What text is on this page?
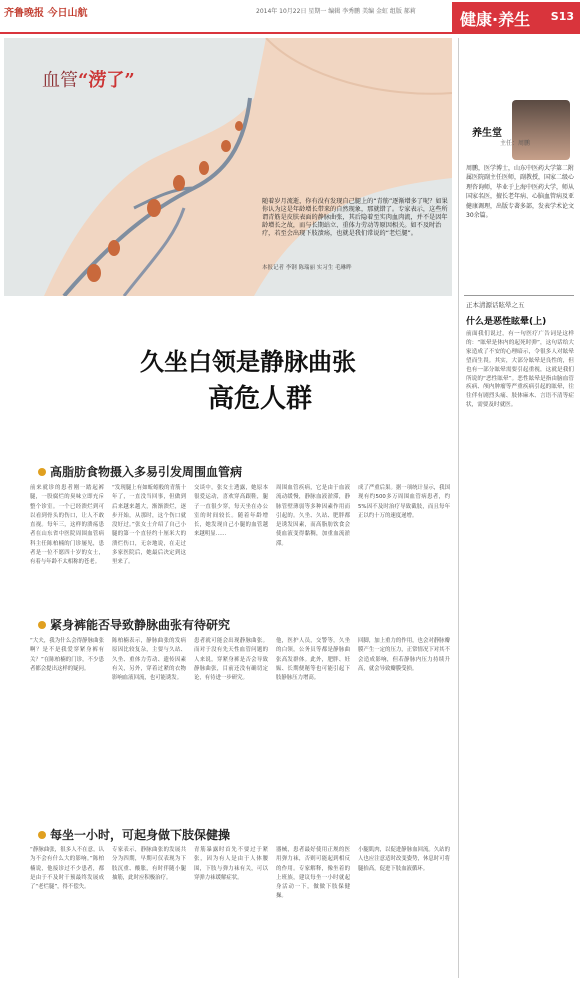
齐鲁晚报 今日山航	2014年 10月22日 星期一 编辑 李秀鹏 美编 金虹 组版 郝莉	健康·养生 S13
血管“涝了”
随着岁月流逝，你有没有发现自己腿上的“青筋”逐渐增多了呢？如果你认为这是年龄增长带来的自然现象，那就错了。专家表示，这些所谓青筋是皮肤表面的静脉曲张，其后隐着至实肉血肉流，并不是因年龄增长之故，而与长期站立、重体力劳动等原因相关。如不及时治疗，若至会出现下肢溃疡，也就是我们常说的“老烂腿”。
本报记者 李钢 陈瑞丽 实习生 毛琳晔
久坐白领是静脉曲张
高危人群
高脂肪食物摄入多易引发周围血管病
前来就诊的患者刚一踏起裤腿，一股腐烂的臭味立即充斥整个诊室。一个已经溃烂到可以看到骨头的伤口，让人不敢直视。每年三，这样的溃疡患者在山东省中医院周围血管病科主任陈柏楠的门诊屡见，患者是一位不愿四十岁的女士，有着与年龄不太相称的苍老。
“发现腿上有如蚯蚓般的青筋十年了，一直没当回事，但做到后来越来越大，渐渐溃烂，逐步开始，从那时，这个伤口就没好过。”张女士介绍了自己小腿的第一个直径约十厘米大的溃烂伤口，无奈地说，在走过多家医院后，她最后决定到这里来了。
交谈中，张女士透露，她原本很爱运动，喜欢穿高跟鞋，腿子一直很少穿，每天坐在办公室的时间较长。随着年龄增长，她发现自己小腿的血管越来越明显……
周围血管疾病，它是由于血液流动缓慢，静脉血液淤滞，静脉管壁薄弱等多种因素作用而引起的。久坐、久站、肥胖都是诱发因素，而高脂肪饮食会使血液变得黏稠，加重血流淤滞。
成了严重后果。据一项统计显示，我国现有约500多万周围血管病患者，约5%因不及时治疗导致截肢，而且每年正以约十万的速度递增。
紧身裤能否导致静脉曲张有待研究
“大夫，我为什么会得静脉曲张啊？是不是我爱穿紧身裤有关？”在陈柏楠的门诊，不少患者都会提出这样的疑问。
陈柏楠表示，静脉曲张的发病原因比较复杂，主要与久站、久坐、重体力劳动、遗传因素有关，另外，穿着过紧的衣物影响血液回流，也可能诱发。
患者就可能会出现静脉曲张。而对于没有先天性血管问题的人来说，穿紧身裤是否会导致静脉曲张，目前还没有确切定论，有待进一步研究。
他，医护人员，交警等，久坐的白领，公务员等都是静脉曲张高发群体。此外，肥胖、妊娠、长期便秘等也可能引起下肢静脉压力增高。
回脚，加上重力的作用，也会对静脉瓣膜产生一定的压力，正常情况下对其不会造成影响，但若静脉内压力持续升高，就会导致瓣膜受损。
每坐一小时，可起身做下肢保健操
“静脉曲张，很多人不在意，认为不会有什么大的影响。”陈柏楠说，他接诊过不少患者，都是由于不及时干预最终发展成了“老烂腿”，得不偿失。
专家表示，静脉曲张的发展共分为四期，早期可仅表现为下肢沉重、酸胀，有时伴随小腿抽筋，此时应积极治疗。
青筋暴露时首先不要过于紧张，因为有人是由于人体腰围，下肢与弹力袜有关，可以穿弹力袜缓解症状。
器械，患者最好使用正规的医用弹力袜，否则可能起到相反的作用。专家解释，像坐着的上班族，建议每坐一小时就起身活动一下，做做下肢保健操。
小腿肌肉，以促进静脉血回流。久站的人也应注意适时改变姿势，休息时可将腿抬高，促进下肢血液循环。
养生堂
主任：周鹏
周鹏，医学博士，山东中医药大学第二附属医院副主任医师，副教授，国家二级心理咨询师，毕业于上海中医药大学，师从国家名医，擅长老年病、心脑血管病及亚健康调理，出版专著多部，发表学术论文30余篇。
正本清源话眩晕之五
什么是恶性眩晕(上)
前面我们说过，有一句医疗广告词是这样的：“眩晕是体内的起死时弹”，这句话给大家造成了不安的心理暗示，令很多人对眩晕望而生畏。其实，大部分眩晕是良性的，但也有一部分眩晕需要引起重视，这就是我们所说的“恶性眩晕”。恶性眩晕是指由脑血管疾病、颅内肿瘤等严重疾病引起的眩晕，往往伴有剧烈头痛、肢体麻木、言语不清等症状，需要及时就医。
